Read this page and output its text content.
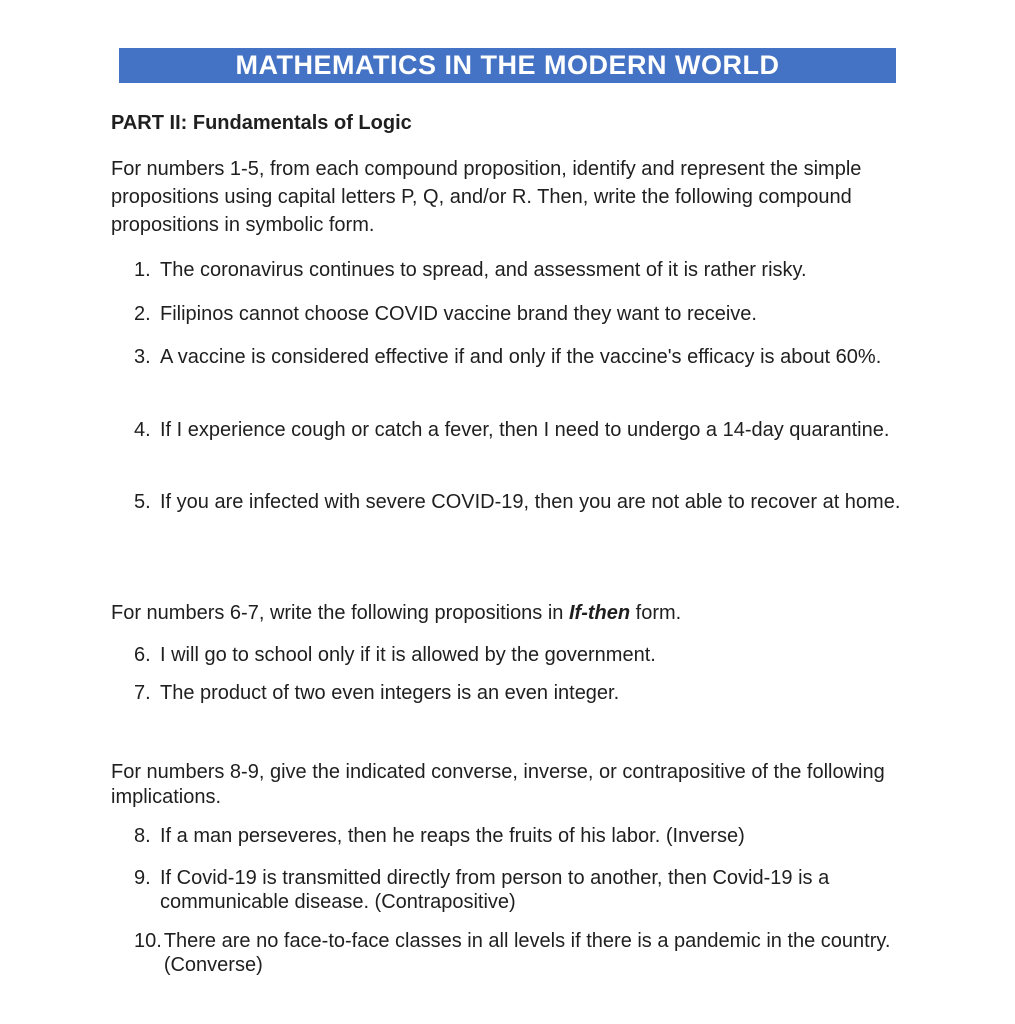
MATHEMATICS IN THE MODERN WORLD
PART II: Fundamentals of Logic
For numbers 1-5, from each compound proposition, identify and represent the simple propositions using capital letters P, Q, and/or R. Then, write the following compound propositions in symbolic form.
1. The coronavirus continues to spread, and assessment of it is rather risky.
2. Filipinos cannot choose COVID vaccine brand they want to receive.
3. A vaccine is considered effective if and only if the vaccine's efficacy is about 60%.
4. If I experience cough or catch a fever, then I need to undergo a 14-day quarantine.
5. If you are infected with severe COVID-19, then you are not able to recover at home.
For numbers 6-7, write the following propositions in If-then form.
6. I will go to school only if it is allowed by the government.
7. The product of two even integers is an even integer.
For numbers 8-9, give the indicated converse, inverse, or contrapositive of the following implications.
8. If a man perseveres, then he reaps the fruits of his labor. (Inverse)
9. If Covid-19 is transmitted directly from person to another, then Covid-19 is a communicable disease. (Contrapositive)
10. There are no face-to-face classes in all levels if there is a pandemic in the country. (Converse)
